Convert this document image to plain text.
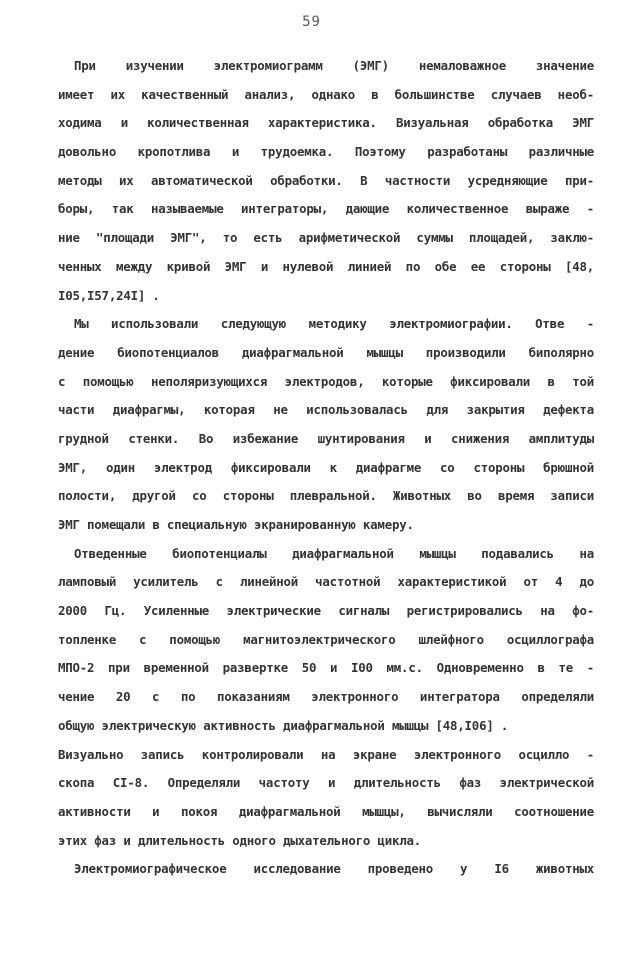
59
При изучении электромиограмм (ЭМГ) немаловажное значение
имеет их качественный анализ, однако в большинстве случаев необ-
ходима и количественная характеристика. Визуальная обработка ЭМГ
довольно кропотлива и трудоемка. Поэтому разработаны различные
методы их автоматической обработки. В частности усредняющие при-
боры, так называемые интеграторы, дающие количественное выраже -
ние "площади ЭМГ", то есть арифметической суммы площадей, заклю-
ченных между кривой ЭМГ и нулевой линией по обе ее стороны [48,
I05,I57,24I] .
Мы использовали следующую методику электромиографии. Отве -
дение биопотенциалов диафрагмальной мышцы производили биполярно
с помощью неполяризующихся электродов, которые фиксировали в той
части диафрагмы, которая не использовалась для закрытия дефекта
грудной стенки. Во избежание шунтирования и снижения амплитуды
ЭМГ, один электрод фиксировали к диафрагме со стороны брюшной
полости, другой со стороны плевральной. Животных во время записи
ЭМГ помещали в специальную экранированную камеру.
Отведенные биопотенциалы диафрагмальной мышцы подавались на
ламповый усилитель с линейной частотной характеристикой от 4 до
2000 Гц. Усиленные электрические сигналы регистрировались на фо-
топленке с помощью магнитоэлектрического шлейфного осциллографа
МПО-2 при временной развертке 50 и I00 мм.с. Одновременно в те -
чение 20 с по показаниям электронного интегратора определяли
общую электрическую активность диафрагмальной мышцы [48,I06] .
Визуально запись контролировали на экране электронного осцилло -
скопа CI-8. Определяли частоту и длительность фаз электрической
активности и покоя диафрагмальной мышцы, вычисляли соотношение
этих фаз и длительность одного дыхательного цикла.
Электромиографическое исследование проведено у I6 животных
